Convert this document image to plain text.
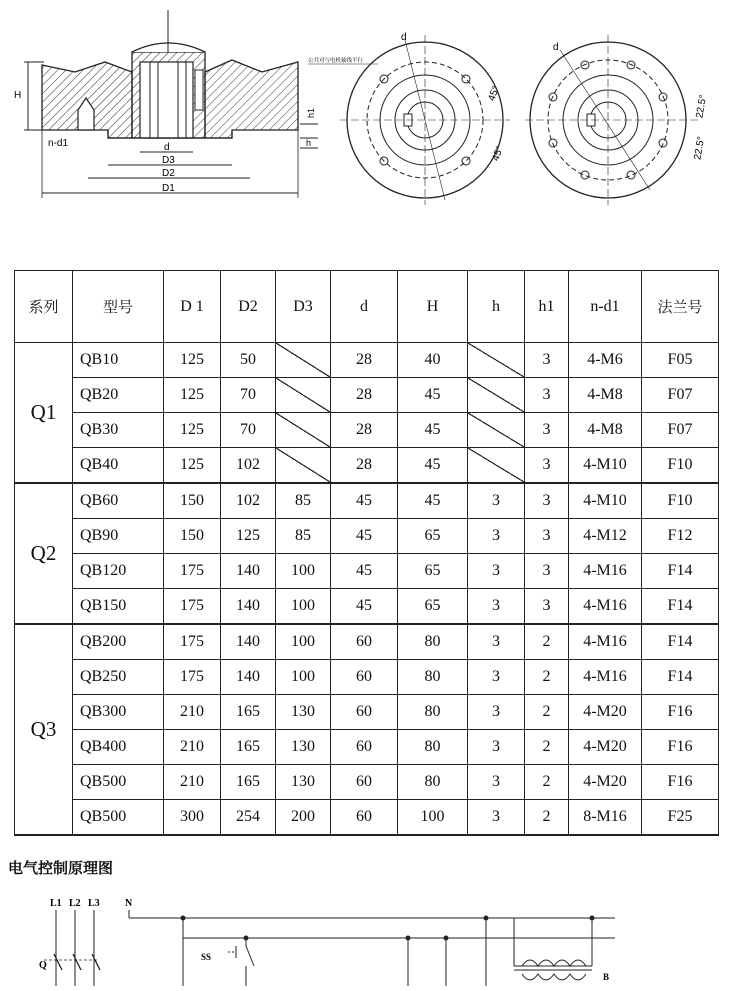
H
n-d1
h1
h
d
D3
D2
D1
d
公共对与电机轴线平行
45°
45°
d
22.5°
22.5°
系列	型号	D 1	D2	D3	d	H	h	h1	n-d1	法兰号
Q1	QB10	125	50		28	40		3	4-M6	F05
	QB20	125	70		28	45		3	4-M8	F07
	QB30	125	70		28	45		3	4-M8	F07
	QB40	125	102		28	45		3	4-M10	F10
Q2	QB60	150	102	85	45	45	3	3	4-M10	F10
	QB90	150	125	85	45	65	3	3	4-M12	F12
	QB120	175	140	100	45	65	3	3	4-M16	F14
	QB150	175	140	100	45	65	3	3	4-M16	F14
Q3	QB200	175	140	100	60	80	3	2	4-M16	F14
	QB250	175	140	100	60	80	3	2	4-M16	F14
	QB300	210	165	130	60	80	3	2	4-M20	F16
	QB400	210	165	130	60	80	3	2	4-M20	F16
	QB500	210	165	130	60	80	3	2	4-M20	F16
	QB500	300	254	200	60	100	3	2	8-M16	F25
电气控制原理图
L1 L2 L3	N
Q
SS
B
